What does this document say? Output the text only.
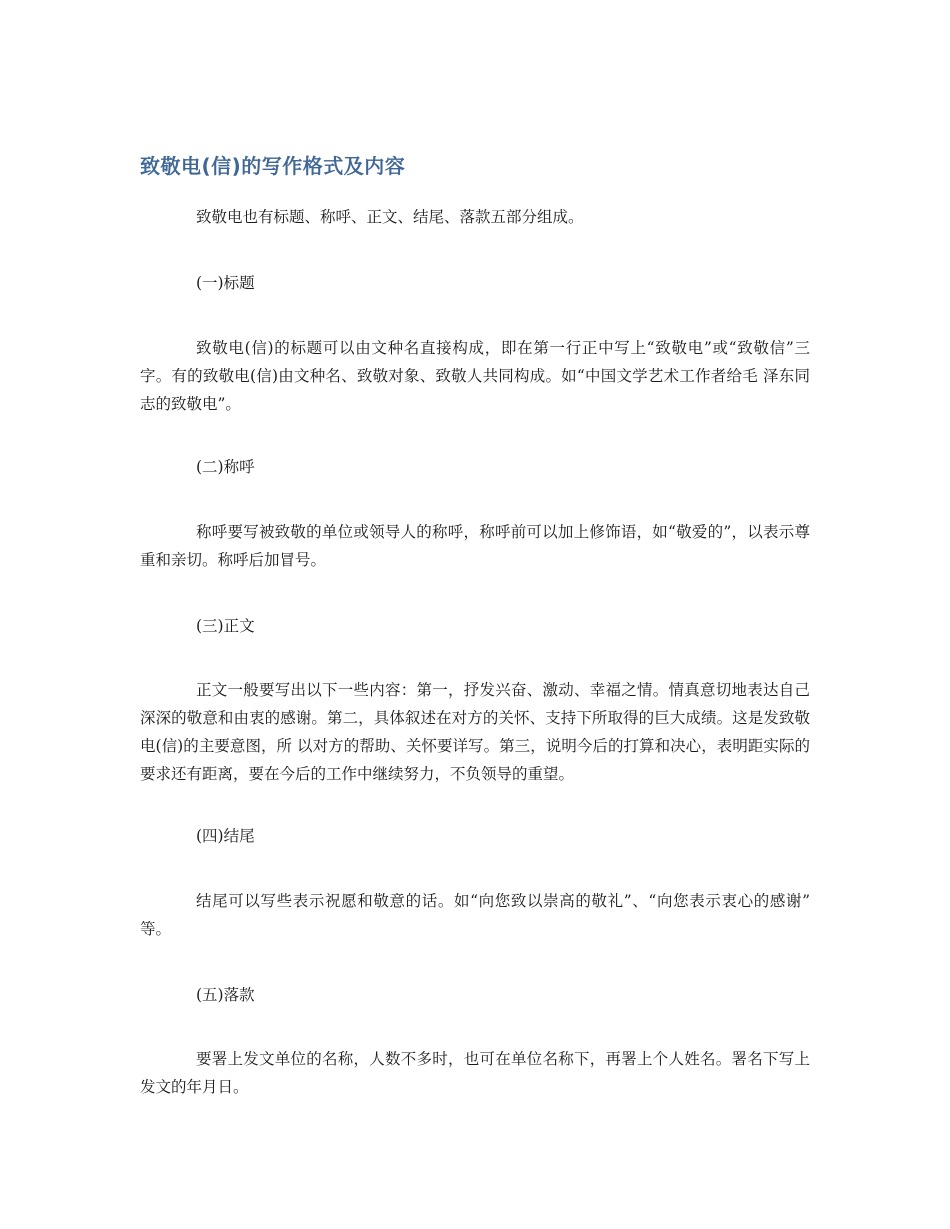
致敬电(信)的写作格式及内容

致敬电也有标题、称呼、正文、结尾、落款五部分组成。

(一)标题

致敬电(信)的标题可以由文种名直接构成，即在第一行正中写上“致敬电”或“致敬信”三字。有的致敬电(信)由文种名、致敬对象、致敬人共同构成。如“中国文学艺术工作者给毛 泽东同志的致敬电”。

(二)称呼

称呼要写被致敬的单位或领导人的称呼，称呼前可以加上修饰语，如“敬爱的”，以表示尊重和亲切。称呼后加冒号。

(三)正文

正文一般要写出以下一些内容：第一，抒发兴奋、激动、幸福之情。情真意切地表达自己深深的敬意和由衷的感谢。第二，具体叙述在对方的关怀、支持下所取得的巨大成绩。这是发致敬电(信)的主要意图，所 以对方的帮助、关怀要详写。第三，说明今后的打算和决心，表明距实际的要求还有距离，要在今后的工作中继续努力，不负领导的重望。

(四)结尾

结尾可以写些表示祝愿和敬意的话。如“向您致以崇高的敬礼”、“向您表示衷心的感谢” 等。

(五)落款

要署上发文单位的名称，人数不多时，也可在单位名称下，再署上个人姓名。署名下写上发文的年月日。
